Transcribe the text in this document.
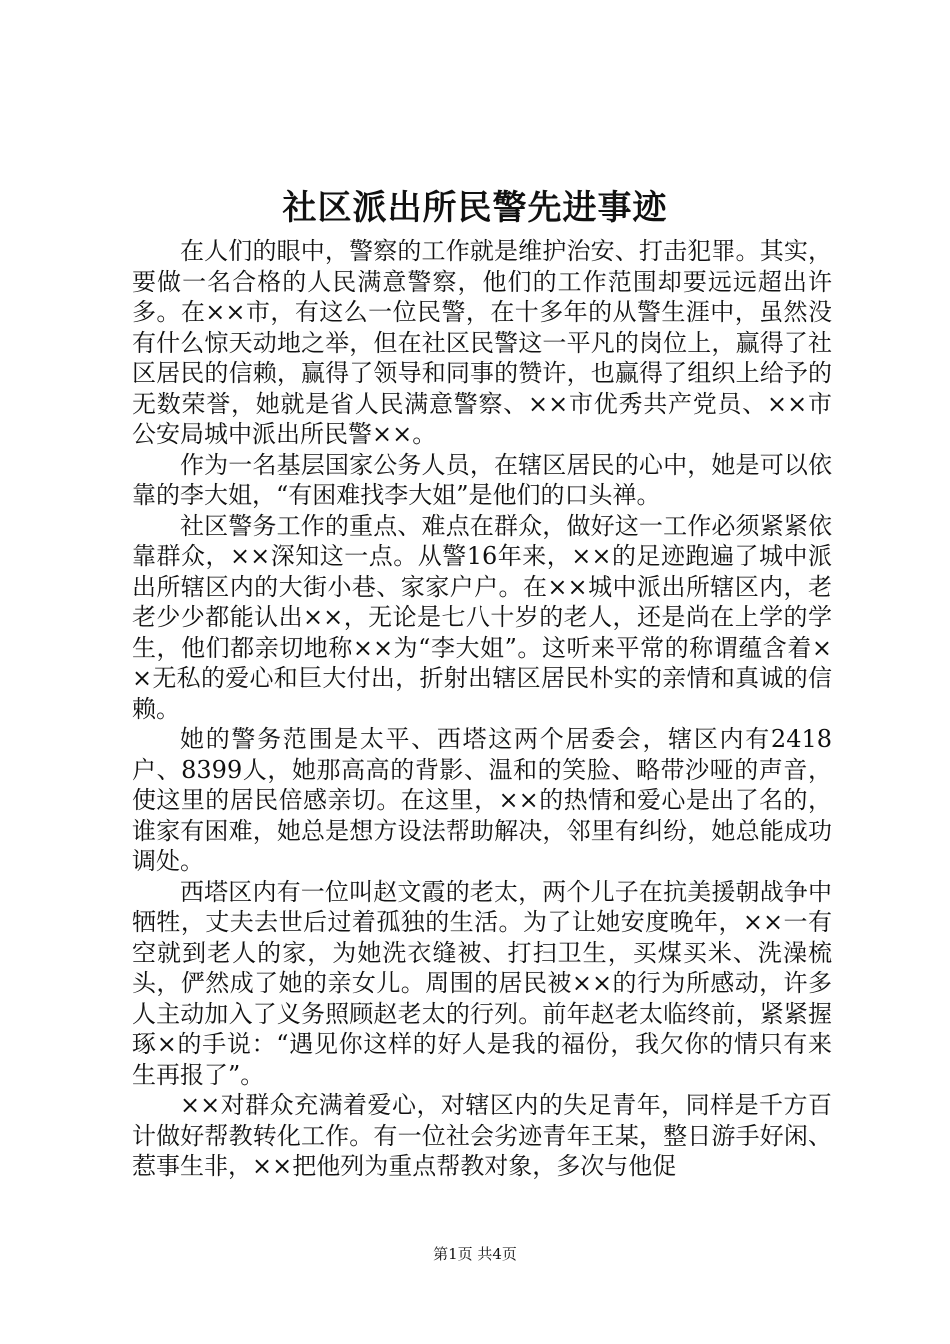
社区派出所民警先进事迹

在人们的眼中，警察的工作就是维护治安、打击犯罪。其实，要做一名合格的人民满意警察，他们的工作范围却要远远超出许多。在××市，有这么一位民警，在十多年的从警生涯中，虽然没有什么惊天动地之举，但在社区民警这一平凡的岗位上，赢得了社区居民的信赖，赢得了领导和同事的赞许，也赢得了组织上给予的无数荣誉，她就是省人民满意警察、××市优秀共产党员、××市公安局城中派出所民警××。

作为一名基层国家公务人员，在辖区居民的心中，她是可以依靠的李大姐，“有困难找李大姐”是他们的口头禅。

社区警务工作的重点、难点在群众，做好这一工作必须紧紧依靠群众，××深知这一点。从警16年来，××的足迹跑遍了城中派出所辖区内的大街小巷、家家户户。在××城中派出所辖区内，老老少少都能认出××，无论是七八十岁的老人，还是尚在上学的学生，他们都亲切地称××为“李大姐”。这听来平常的称谓蕴含着××无私的爱心和巨大付出，折射出辖区居民朴实的亲情和真诚的信赖。

她的警务范围是太平、西塔这两个居委会，辖区内有2418户、8399人，她那高高的背影、温和的笑脸、略带沙哑的声音，使这里的居民倍感亲切。在这里，××的热情和爱心是出了名的，谁家有困难，她总是想方设法帮助解决，邻里有纠纷，她总能成功调处。

西塔区内有一位叫赵文霞的老太，两个儿子在抗美援朝战争中牺牲，丈夫去世后过着孤独的生活。为了让她安度晚年，××一有空就到老人的家，为她洗衣缝被、打扫卫生，买煤买米、洗澡梳头，俨然成了她的亲女儿。周围的居民被××的行为所感动，许多人主动加入了义务照顾赵老太的行列。前年赵老太临终前，紧紧握琢×的手说：“遇见你这样的好人是我的福份，我欠你的情只有来生再报了”。

××对群众充满着爱心，对辖区内的失足青年，同样是千方百计做好帮教转化工作。有一位社会劣迹青年王某，整日游手好闲、惹事生非，××把他列为重点帮教对象，多次与他促

第1页 共4页
